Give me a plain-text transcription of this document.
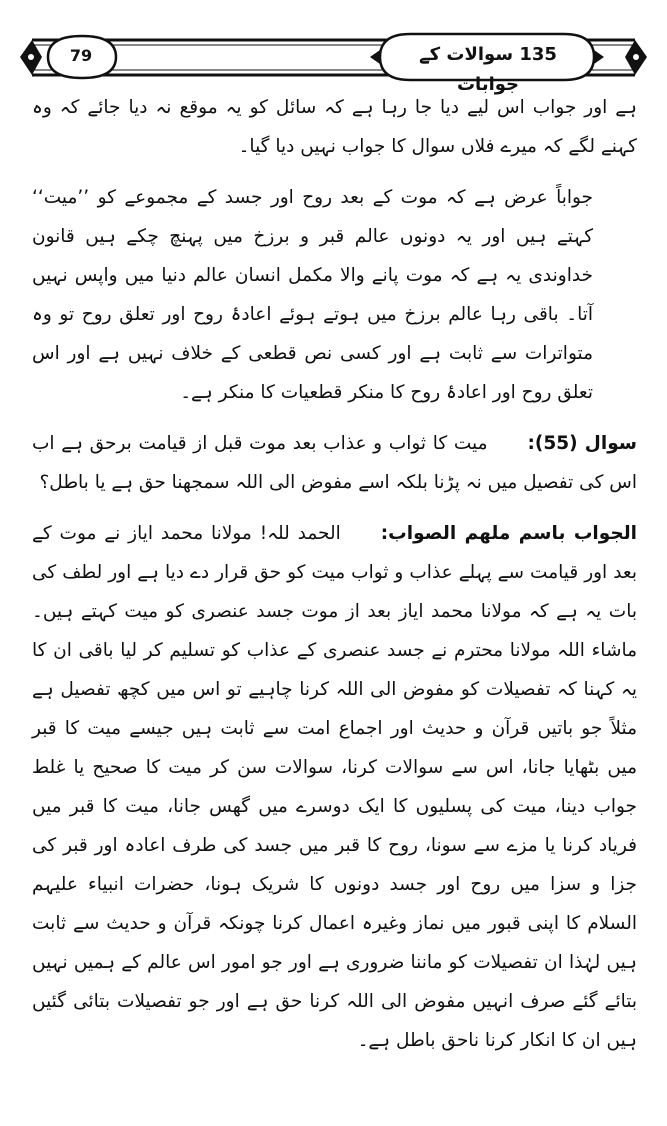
79	135 سوالات کے جوابات

ہے اور جواب اس لیے دیا جا رہا ہے کہ سائل کو یہ موقع نہ دیا جائے کہ وہ کہنے لگے کہ میرے فلاں سوال کا جواب نہیں دیا گیا۔

جواباً عرض ہے کہ موت کے بعد روح اور جسد کے مجموعے کو ’’میت‘‘ کہتے ہیں اور یہ دونوں عالم قبر و برزخ میں پہنچ چکے ہیں قانون خداوندی یہ ہے کہ موت پانے والا مکمل انسان عالم دنیا میں واپس نہیں آتا۔ باقی رہا عالم برزخ میں ہوتے ہوئے اعادۂ روح اور تعلق روح تو وہ متواترات سے ثابت ہے اور کسی نص قطعی کے خلاف نہیں ہے اور اس تعلق روح اور اعادۂ روح کا منکر قطعیات کا منکر ہے۔

سوال (55):میت کا ثواب و عذاب بعد موت قبل از قیامت برحق ہے اب اس کی تفصیل میں نہ پڑنا بلکہ اسے مفوض الی اللہ سمجھنا حق ہے یا باطل؟

الجواب باسم ملهم الصواب:الحمد للہ! مولانا محمد ایاز نے موت کے بعد اور قیامت سے پہلے عذاب و ثواب میت کو حق قرار دے دیا ہے اور لطف کی بات یہ ہے کہ مولانا محمد ایاز بعد از موت جسد عنصری کو میت کہتے ہیں۔ ماشاء اللہ مولانا محترم نے جسد عنصری کے عذاب کو تسلیم کر لیا باقی ان کا یہ کہنا کہ تفصیلات کو مفوض الی اللہ کرنا چاہیے تو اس میں کچھ تفصیل ہے مثلاً جو باتیں قرآن و حدیث اور اجماع امت سے ثابت ہیں جیسے میت کا قبر میں بٹھایا جانا، اس سے سوالات کرنا، سوالات سن کر میت کا صحیح یا غلط جواب دینا، میت کی پسلیوں کا ایک دوسرے میں گھس جانا، میت کا قبر میں فریاد کرنا یا مزے سے سونا، روح کا قبر میں جسد کی طرف اعادہ اور قبر کی جزا و سزا میں روح اور جسد دونوں کا شریک ہونا، حضرات انبیاء علیہم السلام کا اپنی قبور میں نماز وغیرہ اعمال کرنا چونکہ قرآن و حدیث سے ثابت ہیں لہٰذا ان تفصیلات کو ماننا ضروری ہے اور جو امور اس عالم کے ہمیں نہیں بتائے گئے صرف انہیں مفوض الی اللہ کرنا حق ہے اور جو تفصیلات بتائی گئیں ہیں ان کا انکار کرنا ناحق باطل ہے۔
